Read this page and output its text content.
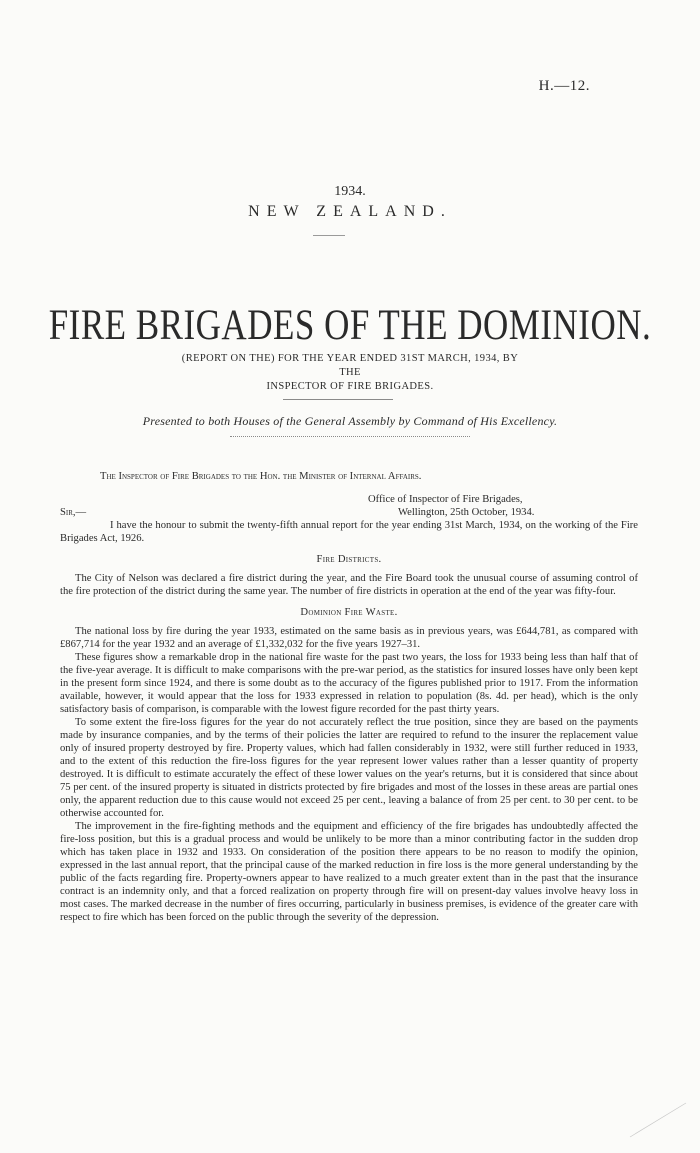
H.—12.
1934.
NEW ZEALAND.
FIRE BRIGADES OF THE DOMINION.
(REPORT ON THE) FOR THE YEAR ENDED 31ST MARCH, 1934, BY THE
INSPECTOR OF FIRE BRIGADES.
Presented to both Houses of the General Assembly by Command of His Excellency.

The Inspector of Fire Brigades to the Hon. the Minister of Internal Affairs.

Sir,—
Office of Inspector of Fire Brigades,
Wellington, 25th October, 1934.

I have the honour to submit the twenty-fifth annual report for the year ending 31st March, 1934, on the working of the Fire Brigades Act, 1926.

Fire Districts.

The City of Nelson was declared a fire district during the year, and the Fire Board took the unusual course of assuming control of the fire protection of the district during the same year. The number of fire districts in operation at the end of the year was fifty-four.

Dominion Fire Waste.

The national loss by fire during the year 1933, estimated on the same basis as in previous years, was £644,781, as compared with £867,714 for the year 1932 and an average of £1,332,032 for the five years 1927–31.

These figures show a remarkable drop in the national fire waste for the past two years, the loss for 1933 being less than half that of the five-year average. It is difficult to make comparisons with the pre-war period, as the statistics for insured losses have only been kept in the present form since 1924, and there is some doubt as to the accuracy of the figures published prior to 1917. From the information available, however, it would appear that the loss for 1933 expressed in relation to population (8s. 4d. per head), which is the only satisfactory basis of comparison, is comparable with the lowest figure recorded for the past thirty years.

To some extent the fire-loss figures for the year do not accurately reflect the true position, since they are based on the payments made by insurance companies, and by the terms of their policies the latter are required to refund to the insurer the replacement value only of insured property destroyed by fire. Property values, which had fallen considerably in 1932, were still further reduced in 1933, and to the extent of this reduction the fire-loss figures for the year represent lower values rather than a lesser quantity of property destroyed. It is difficult to estimate accurately the effect of these lower values on the year's returns, but it is considered that since about 75 per cent. of the insured property is situated in districts protected by fire brigades and most of the losses in these areas are partial ones only, the apparent reduction due to this cause would not exceed 25 per cent., leaving a balance of from 25 per cent. to 30 per cent. to be otherwise accounted for.

The improvement in the fire-fighting methods and the equipment and efficiency of the fire brigades has undoubtedly affected the fire-loss position, but this is a gradual process and would be unlikely to be more than a minor contributing factor in the sudden drop which has taken place in 1932 and 1933. On consideration of the position there appears to be no reason to modify the opinion, expressed in the last annual report, that the principal cause of the marked reduction in fire loss is the more general understanding by the public of the facts regarding fire. Property-owners appear to have realized to a much greater extent than in the past that the insurance contract is an indemnity only, and that a forced realization on property through fire will on present-day values involve heavy loss in most cases. The marked decrease in the number of fires occurring, particularly in business premises, is evidence of the greater care with respect to fire which has been forced on the public through the severity of the depression.
